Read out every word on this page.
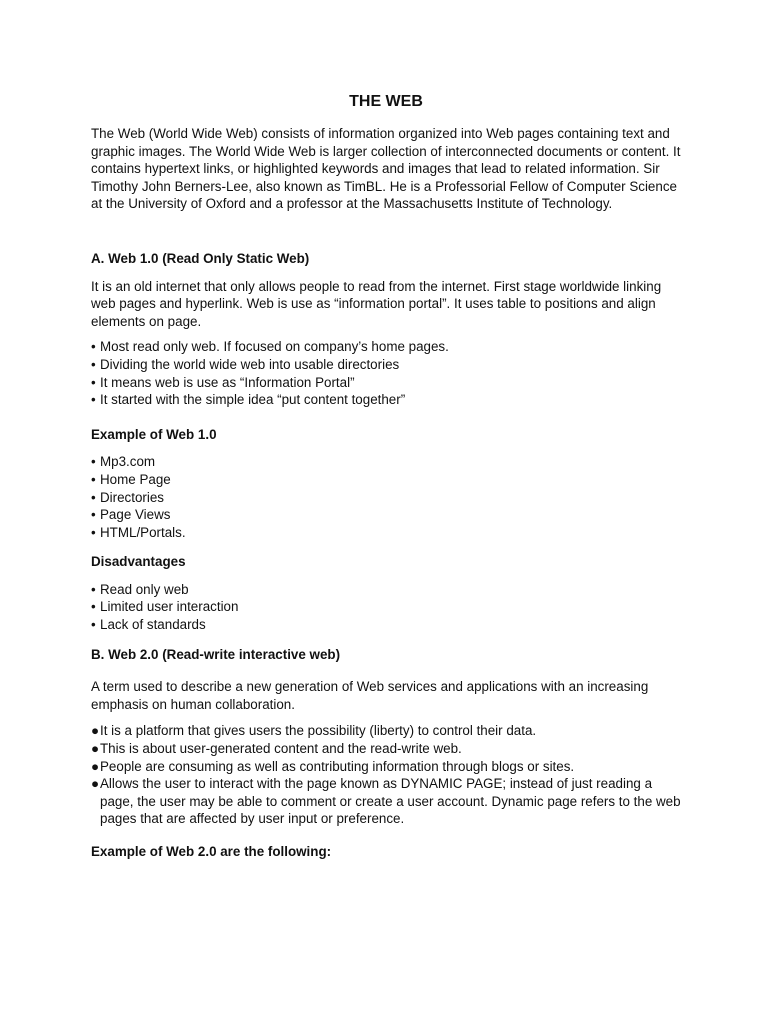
THE WEB

The Web (World Wide Web) consists of information organized into Web pages containing text and graphic images. The World Wide Web is larger collection of interconnected documents or content. It contains hypertext links, or highlighted keywords and images that lead to related information. Sir Timothy John Berners-Lee, also known as TimBL. He is a Professorial Fellow of Computer Science at the University of Oxford and a professor at the Massachusetts Institute of Technology.

A. Web 1.0 (Read Only Static Web)

It is an old internet that only allows people to read from the internet. First stage worldwide linking web pages and hyperlink. Web is use as “information portal”. It uses table to positions and align elements on page.

• Most read only web. If focused on company’s home pages.
• Dividing the world wide web into usable directories
• It means web is use as “Information Portal”
• It started with the simple idea “put content together”
Example of Web 1.0
• Mp3.com
• Home Page
• Directories
• Page Views
• HTML/Portals.
Disadvantages
• Read only web
• Limited user interaction
• Lack of standards
B. Web 2.0 (Read-write interactive web)

A term used to describe a new generation of Web services and applications with an increasing emphasis on human collaboration.

●It is a platform that gives users the possibility (liberty) to control their data.
●This is about user-generated content and the read-write web.
●People are consuming as well as contributing information through blogs or sites.
●Allows the user to interact with the page known as DYNAMIC PAGE; instead of just reading a page, the user may be able to comment or create a user account. Dynamic page refers to the web pages that are affected by user input or preference.
Example of Web 2.0 are the following:
